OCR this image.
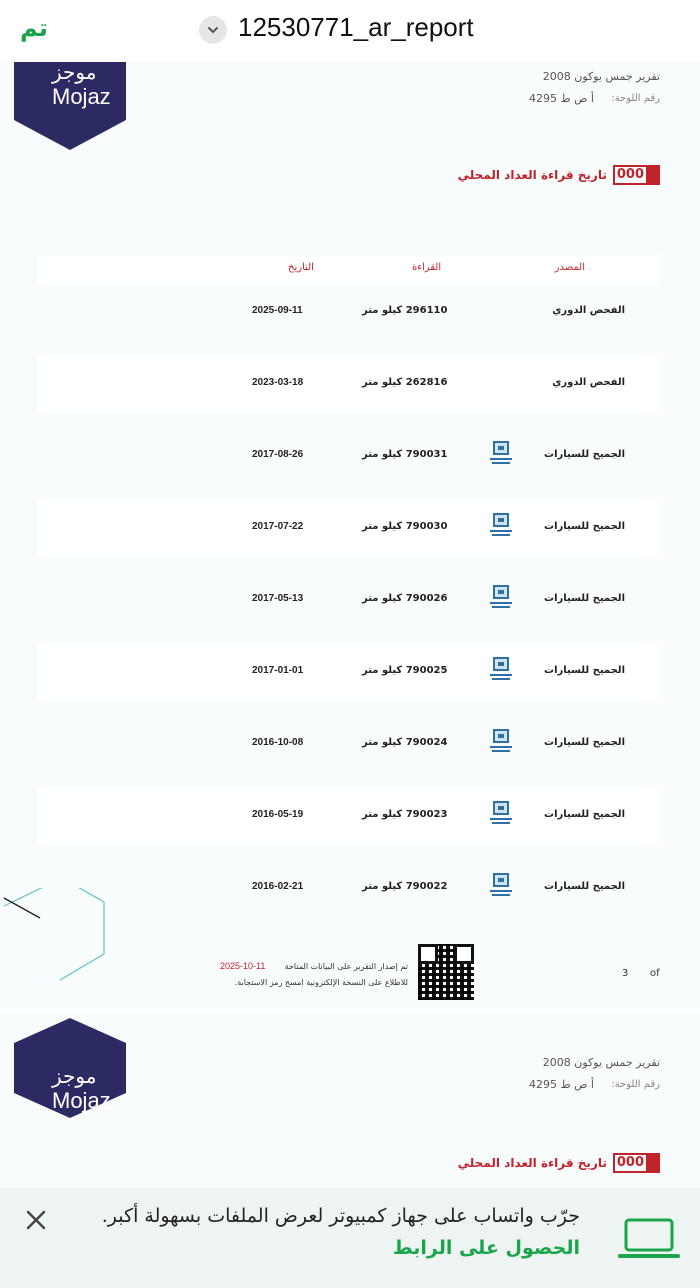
تم	12530771_ar_report
موجز
Mojaz
تقرير جمس يوكون 2008
رقم اللوحة:
أ ص ط 4295
000
تاريخ قراءة العداد المحلي
المصدر
القراءة
التاريخ
الفحص الدوري
296110 كيلو متر
2025-09-11
الفحص الدوري
262816 كيلو متر
2023-03-18
الجميح للسيارات
790031 كيلو متر
2017-08-26
الجميح للسيارات
790030 كيلو متر
2017-07-22
الجميح للسيارات
790026 كيلو متر
2017-05-13
الجميح للسيارات
790025 كيلو متر
2017-01-01
الجميح للسيارات
790024 كيلو متر
2016-10-08
الجميح للسيارات
790023 كيلو متر
2016-05-19
الجميح للسيارات
790022 كيلو متر
2016-02-21
تم إصدار التقرير على البيانات المتاحة
2025-10-11
للاطلاع على النسخة الإلكترونية امسح رمز الاستجابة.
3 of
موجز
Mojaz
تقرير جمس يوكون 2008
رقم اللوحة:
أ ص ط 4295
000
تاريخ قراءة العداد المحلي
جرّب واتساب على جهاز كمبيوتر لعرض الملفات بسهولة أكبر. الحصول على الرابط
